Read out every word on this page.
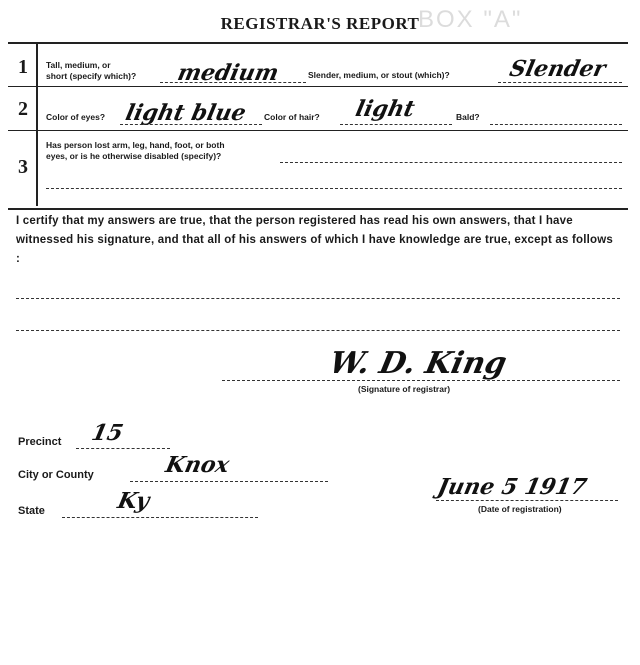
BOX "A"
REGISTRAR'S REPORT
1 Tall, medium, or
short (specify which)? medium	Slender, medium, or stout (which)?	Slender
2 Color of eyes? light blue Color of hair? light	Bald?
3
Has person lost arm, leg, hand, foot, or both
eyes, or is he otherwise disabled (specify)?
I certify that my answers are true, that the person registered has read his own answers, that I have witnessed his signature, and that all of his answers of which I have knowledge are true, except as follows :
W. D. King
(Signature of registrar)
Precinct 15
City or County	Knox
State	Ky
June 5 1917
(Date of registration)
